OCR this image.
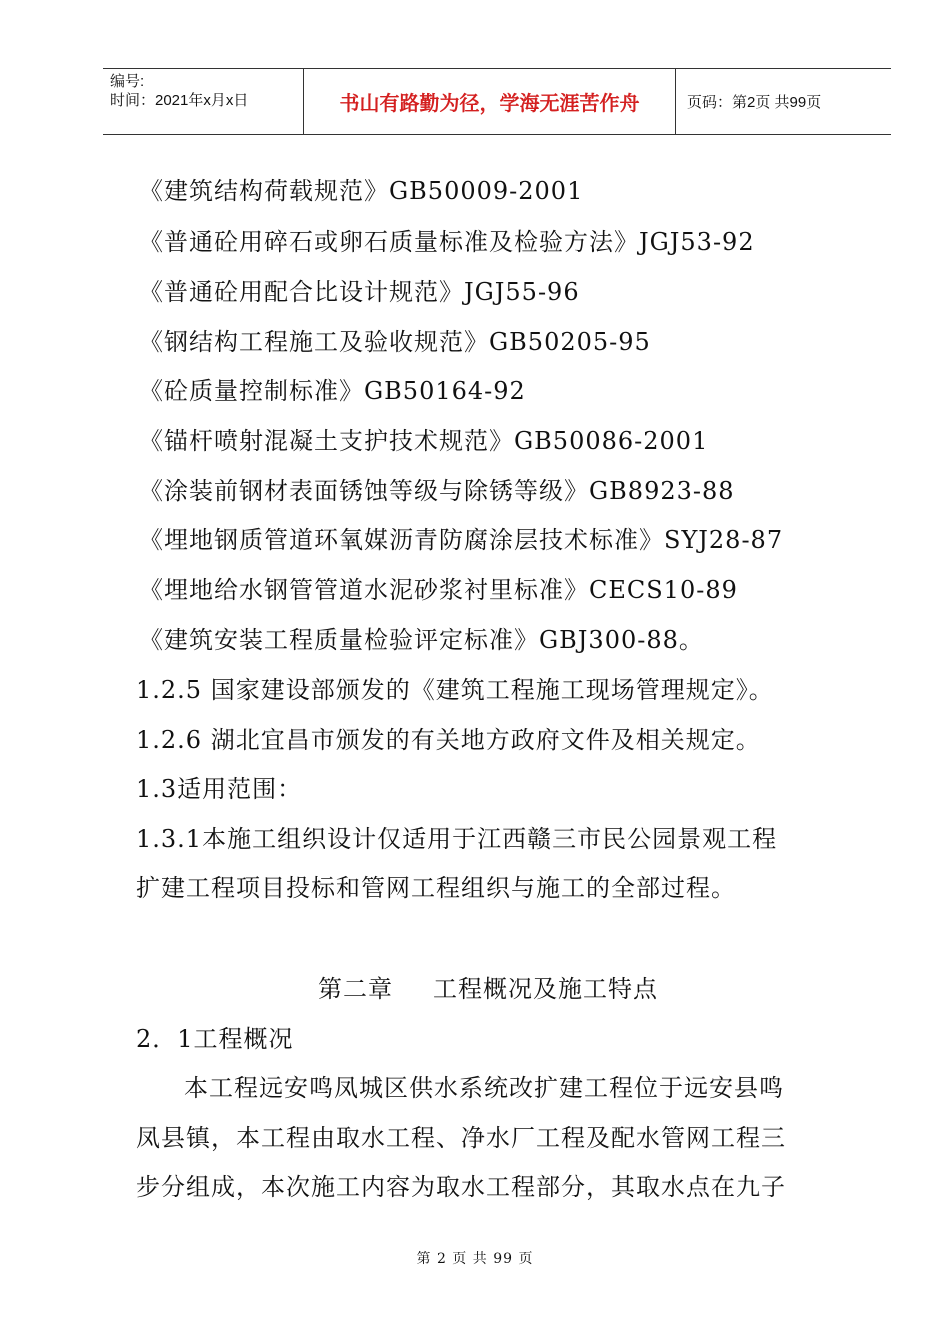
编号:
时间：2021年x月x日	书山有路勤为径，学海无涯苦作舟	页码：第2页 共99页
《建筑结构荷载规范》GB50009-2001
《普通砼用碎石或卵石质量标准及检验方法》JGJ53-92
《普通砼用配合比设计规范》JGJ55-96
《钢结构工程施工及验收规范》GB50205-95
《砼质量控制标准》GB50164-92
《锚杆喷射混凝土支护技术规范》GB50086-2001
《涂装前钢材表面锈蚀等级与除锈等级》GB8923-88
《埋地钢质管道环氧媒沥青防腐涂层技术标准》SYJ28-87
《埋地给水钢管管道水泥砂浆衬里标准》CECS10-89
《建筑安装工程质量检验评定标准》GBJ300-88。
1.2.5 国家建设部颁发的《建筑工程施工现场管理规定》。
1.2.6 湖北宜昌市颁发的有关地方政府文件及相关规定。
1.3适用范围：
1.3.1本施工组织设计仅适用于江西赣三市民公园景观工程
扩建工程项目投标和管网工程组织与施工的全部过程。
第二章 工程概况及施工特点
2．1工程概况
本工程远安鸣凤城区供水系统改扩建工程位于远安县鸣
凤县镇，本工程由取水工程、净水厂工程及配水管网工程三
步分组成，本次施工内容为取水工程部分，其取水点在九子
第 2 页 共 99 页
